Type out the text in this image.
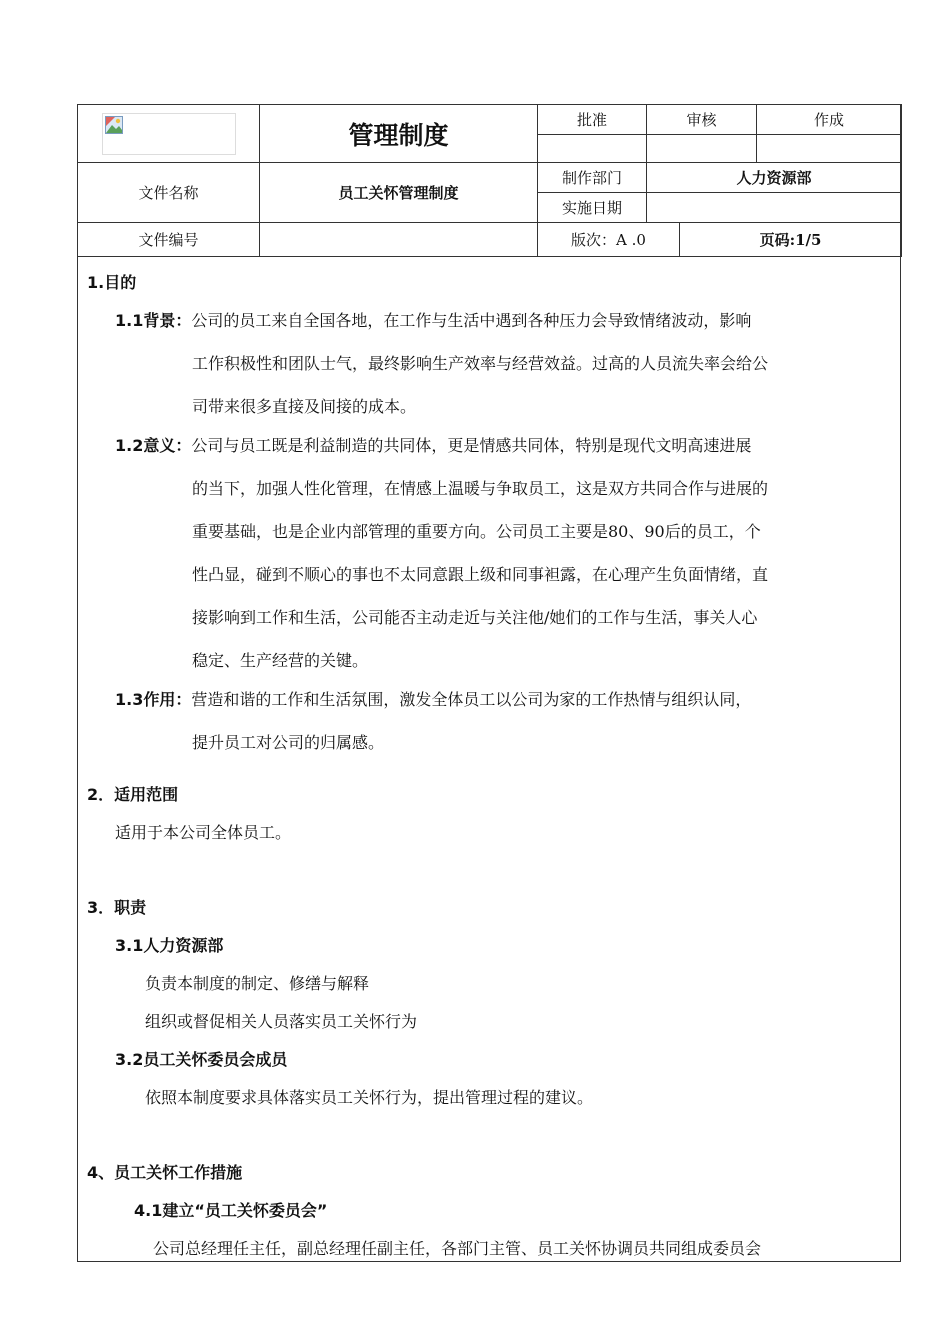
	管理制度	批准	审核		作成

文件名称	员工关怀管理制度	制作部门	人力资源部		
		实施日期			
文件编号		版次：A .0		页码:1/5	
1.目的
1.1背景：公司的员工来自全国各地，在工作与生活中遇到各种压力会导致情绪波动，影响
工作积极性和团队士气，最终影响生产效率与经营效益。过高的人员流失率会给公
司带来很多直接及间接的成本。
1.2意义：公司与员工既是利益制造的共同体，更是情感共同体，特别是现代文明高速进展
的当下，加强人性化管理，在情感上温暖与争取员工，这是双方共同合作与进展的
重要基础，也是企业内部管理的重要方向。公司员工主要是80、90后的员工，个
性凸显，碰到不顺心的事也不太同意跟上级和同事袒露，在心理产生负面情绪，直
接影响到工作和生活，公司能否主动走近与关注他/她们的工作与生活，事关人心
稳定、生产经营的关键。
1.3作用：营造和谐的工作和生活氛围，激发全体员工以公司为家的工作热情与组织认同，
提升员工对公司的归属感。
2．适用范围
适用于本公司全体员工。
3．职责
3.1人力资源部
负责本制度的制定、修缮与解释
组织或督促相关人员落实员工关怀行为
3.2员工关怀委员会成员
依照本制度要求具体落实员工关怀行为，提出管理过程的建议。
4、员工关怀工作措施
4.1建立“员工关怀委员会”
公司总经理任主任，副总经理任副主任，各部门主管、员工关怀协调员共同组成委员会
